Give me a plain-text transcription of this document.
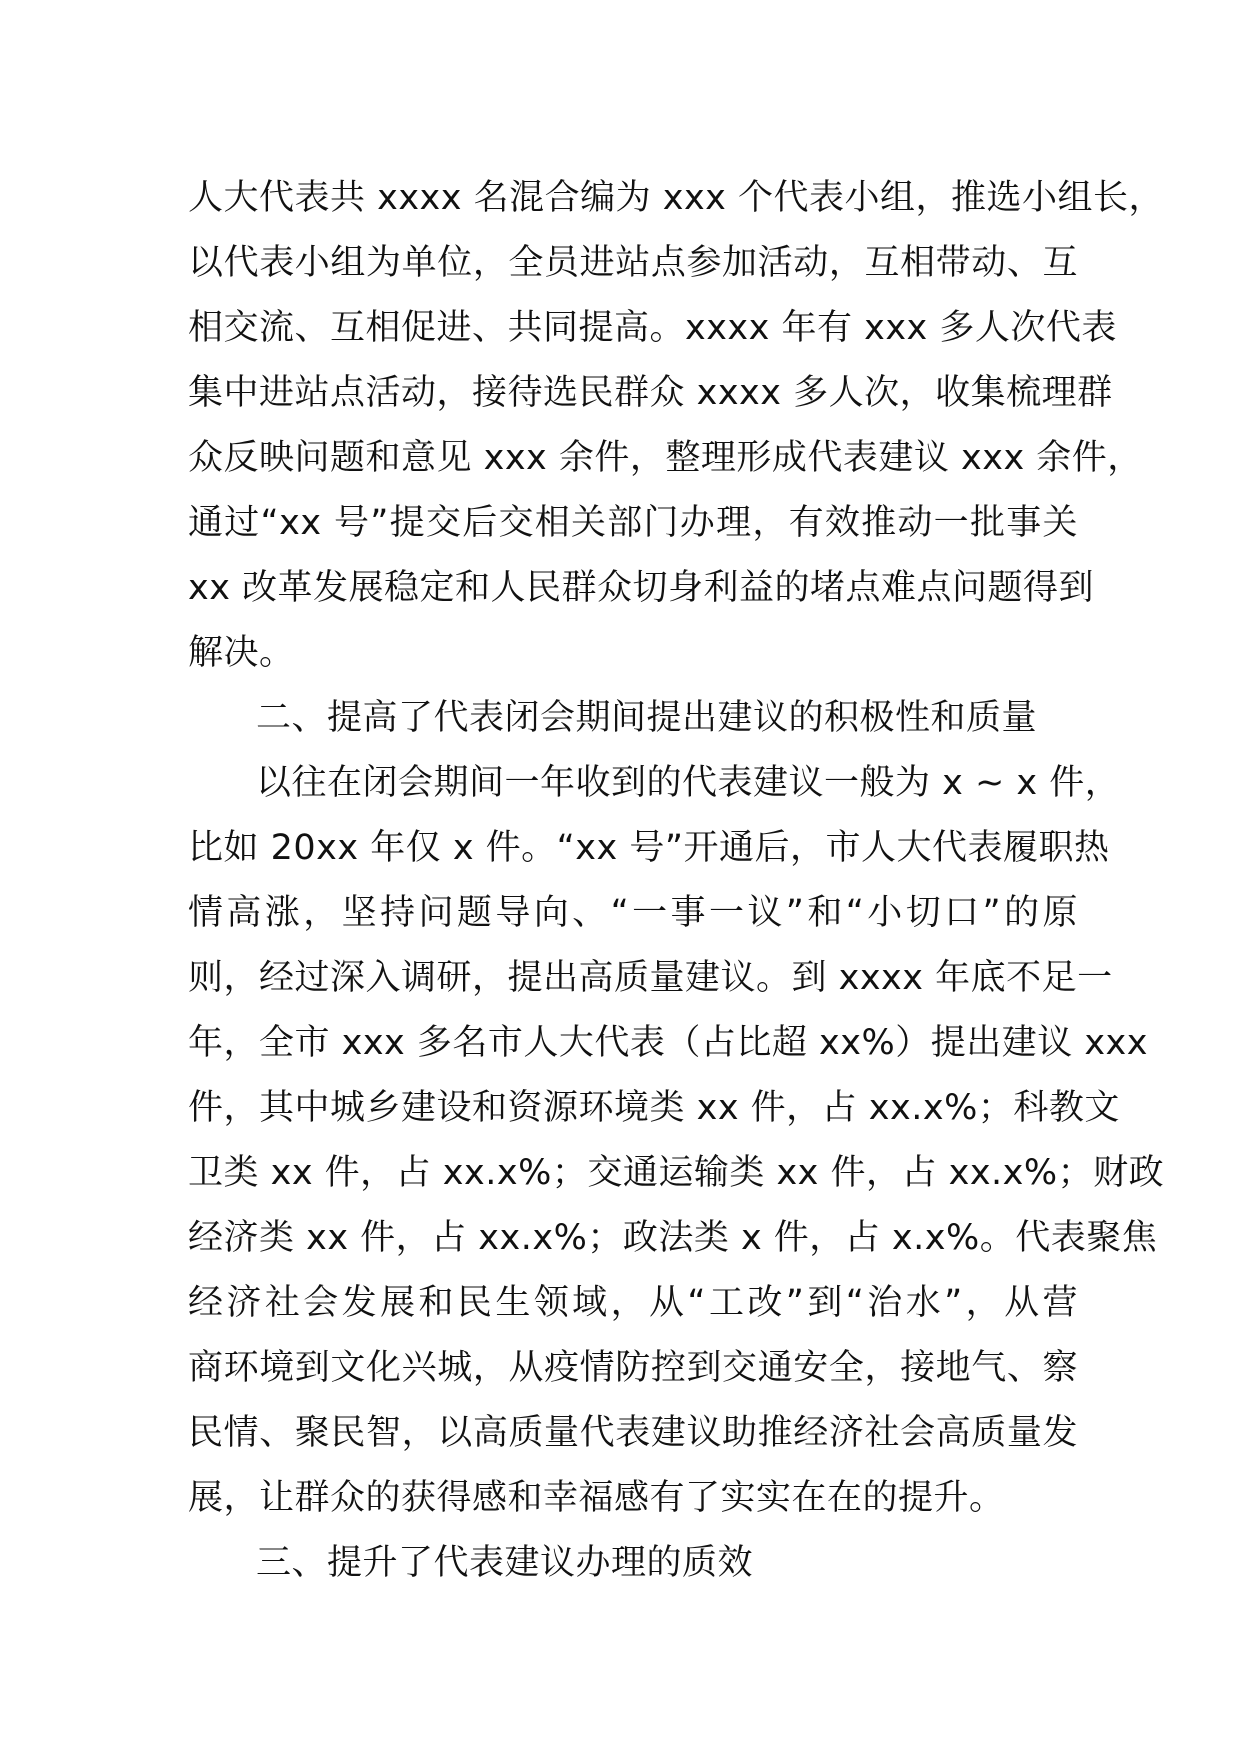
人大代表共 xxxx 名混合编为 xxx 个代表小组，推选小组长，
以代表小组为单位，全员进站点参加活动，互相带动、互
相交流、互相促进、共同提高。xxxx 年有 xxx 多人次代表
集中进站点活动，接待选民群众 xxxx 多人次，收集梳理群
众反映问题和意见 xxx 余件，整理形成代表建议 xxx 余件，
通过“xx 号”提交后交相关部门办理，有效推动一批事关
xx 改革发展稳定和人民群众切身利益的堵点难点问题得到
解决。
二、提高了代表闭会期间提出建议的积极性和质量
以往在闭会期间一年收到的代表建议一般为 x ~ x 件，
比如 20xx 年仅 x 件。“xx 号”开通后，市人大代表履职热
情高涨，坚持问题导向、“一事一议”和“小切口”的原
则，经过深入调研，提出高质量建议。到 xxxx 年底不足一
年，全市 xxx 多名市人大代表（占比超 xx%）提出建议 xxx
件，其中城乡建设和资源环境类 xx 件，占 xx.x%；科教文
卫类 xx 件，占 xx.x%；交通运输类 xx 件，占 xx.x%；财政
经济类 xx 件，占 xx.x%；政法类 x 件，占 x.x%。代表聚焦
经济社会发展和民生领域，从“工改”到“治水”，从营
商环境到文化兴城，从疫情防控到交通安全，接地气、察
民情、聚民智，以高质量代表建议助推经济社会高质量发
展，让群众的获得感和幸福感有了实实在在的提升。
三、提升了代表建议办理的质效
